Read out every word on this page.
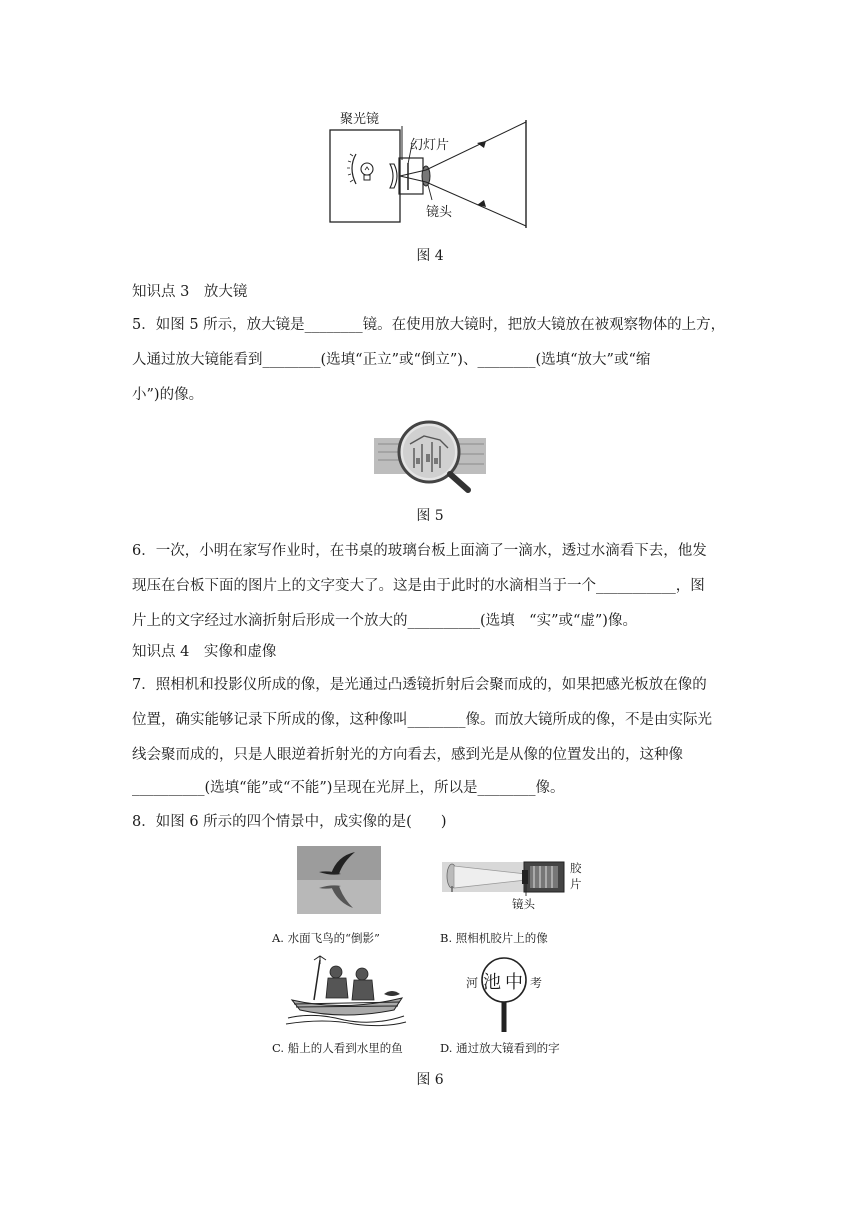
聚光镜
幻灯片
镜头
图 4
知识点 3　放大镜
5．如图 5 所示，放大镜是________镜。在使用放大镜时，把放大镜放在被观察物体的上方，
人通过放大镜能看到________(选填“正立”或“倒立”)、________(选填“放大”或“缩
小”)的像。
图 5
6．一次，小明在家写作业时，在书桌的玻璃台板上面滴了一滴水，透过水滴看下去，他发
现压在台板下面的图片上的文字变大了。这是由于此时的水滴相当于一个___________，图
片上的文字经过水滴折射后形成一个放大的__________(选填　“实”或“虚”)像。
知识点 4　实像和虚像
7．照相机和投影仪所成的像，是光通过凸透镜折射后会聚而成的，如果把感光板放在像的
位置，确实能够记录下所成的像，这种像叫________像。而放大镜所成的像，不是由实际光
线会聚而成的，只是人眼逆着折射光的方向看去，感到光是从像的位置发出的，这种像
__________(选填“能”或“不能”)呈现在光屏上，所以是________像。
8．如图 6 所示的四个情景中，成实像的是(　　)
胶
片
镜头
A. 水面飞鸟的“倒影”	B. 照相机胶片上的像
河 池 中 考
C. 船上的人看到水里的鱼	D. 通过放大镜看到的字
图 6
